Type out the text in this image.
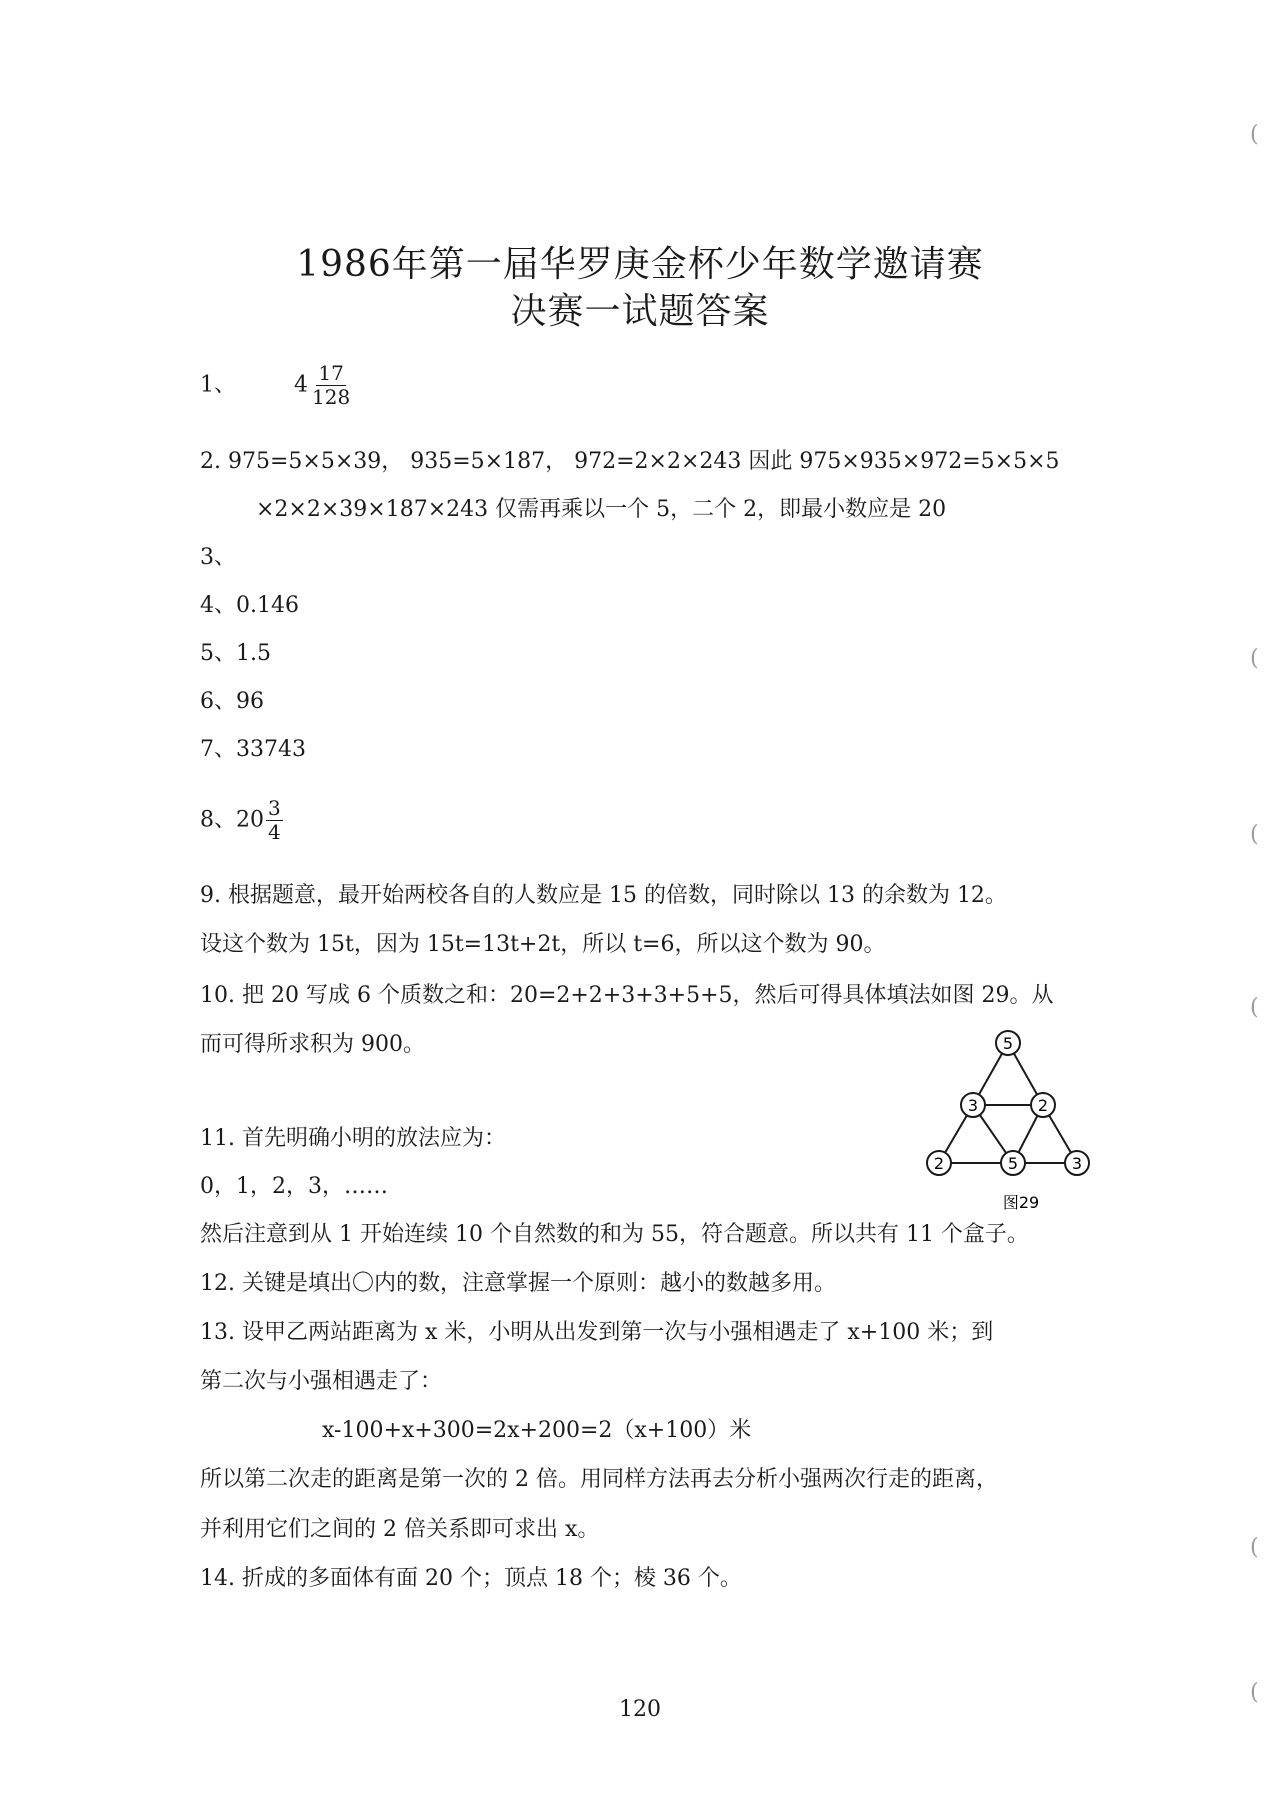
1986年第一届华罗庚金杯少年数学邀请赛
决赛一试题答案
1、	$4 \frac{17}{128}$
2. 975=5×5×39， 935=5×187， 972=2×2×243 因此 975×935×972=5×5×5
×2×2×39×187×243 仅需再乘以一个 5，二个 2，即最小数应是 20
3、
4、0.146
5、1.5
6、96
7、33743
8、$20 \frac{3}{4}$
9. 根据题意，最开始两校各自的人数应是 15 的倍数，同时除以 13 的余数为 12。
设这个数为 15t，因为 15t=13t+2t，所以 t=6，所以这个数为 90。
10. 把 20 写成 6 个质数之和：20=2+2+3+3+5+5，然后可得具体填法如图 29。从
而可得所求积为 900。
11. 首先明确小明的放法应为：
0，1，2，3，……
然后注意到从 1 开始连续 10 个自然数的和为 55，符合题意。所以共有 11 个盒子。
12. 关键是填出〇内的数，注意掌握一个原则：越小的数越多用。
13. 设甲乙两站距离为 x 米，小明从出发到第一次与小强相遇走了 x+100 米；到
第二次与小强相遇走了：
x-100+x+300=2x+200=2（x+100）米
所以第二次走的距离是第一次的 2 倍。用同样方法再去分析小强两次行走的距离，
并利用它们之间的 2 倍关系即可求出 x。
14. 折成的多面体有面 20 个；顶点 18 个；棱 36 个。
5
3	2
2	5	3
图29
120
(
(
(
(
(
(
